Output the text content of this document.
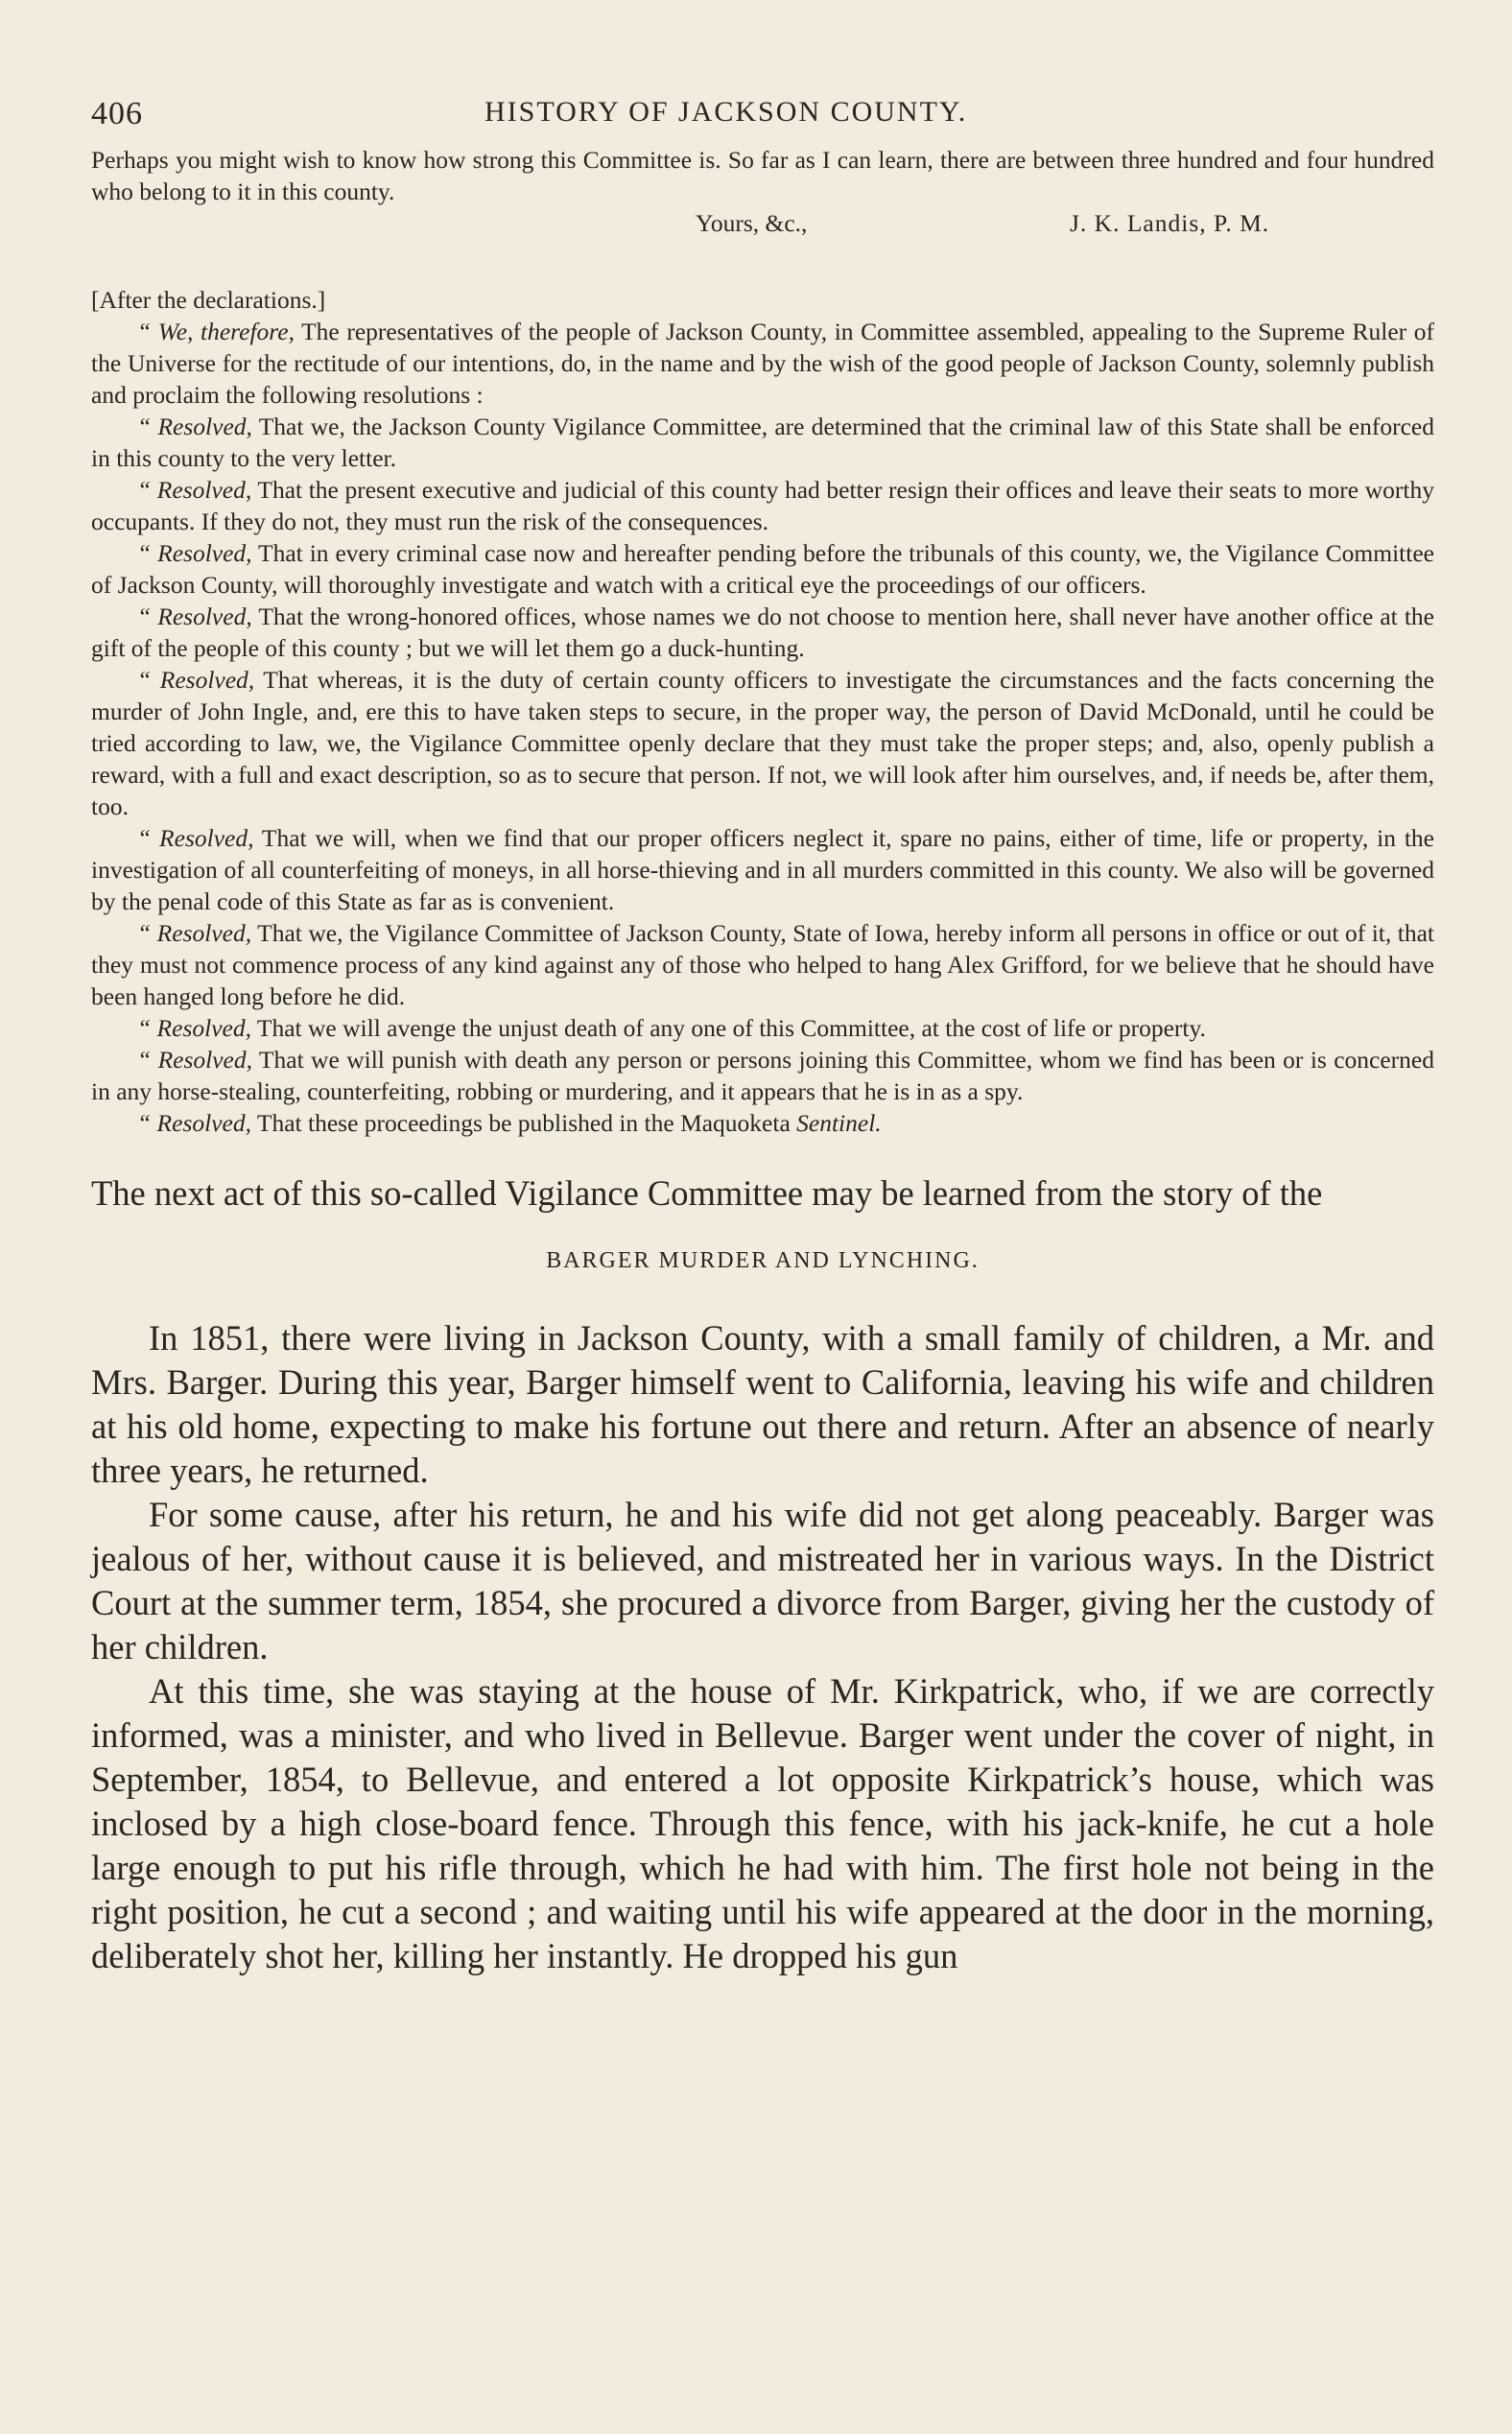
406	HISTORY OF JACKSON COUNTY.

Perhaps you might wish to know how strong this Committee is. So far as I can learn, there are between three hundred and four hundred who belong to it in this county.

Yours, &c.,	J. K. Landis, P. M.

[After the declarations.]

“ We, therefore, The representatives of the people of Jackson County, in Committee assembled, appealing to the Supreme Ruler of the Universe for the rectitude of our intentions, do, in the name and by the wish of the good people of Jackson County, solemnly publish and proclaim the following resolutions :

“ Resolved, That we, the Jackson County Vigilance Committee, are determined that the criminal law of this State shall be enforced in this county to the very letter.

“ Resolved, That the present executive and judicial of this county had better resign their offices and leave their seats to more worthy occupants. If they do not, they must run the risk of the consequences.

“ Resolved, That in every criminal case now and hereafter pending before the tribunals of this county, we, the Vigilance Committee of Jackson County, will thoroughly investigate and watch with a critical eye the proceedings of our officers.

“ Resolved, That the wrong-honored offices, whose names we do not choose to mention here, shall never have another office at the gift of the people of this county ; but we will let them go a duck-hunting.

“ Resolved, That whereas, it is the duty of certain county officers to investigate the circumstances and the facts concerning the murder of John Ingle, and, ere this to have taken steps to secure, in the proper way, the person of David McDonald, until he could be tried according to law, we, the Vigilance Committee openly declare that they must take the proper steps; and, also, openly publish a reward, with a full and exact description, so as to secure that person. If not, we will look after him ourselves, and, if needs be, after them, too.

“ Resolved, That we will, when we find that our proper officers neglect it, spare no pains, either of time, life or property, in the investigation of all counterfeiting of moneys, in all horse-thieving and in all murders committed in this county. We also will be governed by the penal code of this State as far as is convenient.

“ Resolved, That we, the Vigilance Committee of Jackson County, State of Iowa, hereby inform all persons in office or out of it, that they must not commence process of any kind against any of those who helped to hang Alex Grifford, for we believe that he should have been hanged long before he did.

“ Resolved, That we will avenge the unjust death of any one of this Committee, at the cost of life or property.

“ Resolved, That we will punish with death any person or persons joining this Committee, whom we find has been or is concerned in any horse-stealing, counterfeiting, robbing or murdering, and it appears that he is in as a spy.

“ Resolved, That these proceedings be published in the Maquoketa Sentinel.

The next act of this so-called Vigilance Committee may be learned from the story of the

BARGER MURDER AND LYNCHING.

In 1851, there were living in Jackson County, with a small family of children, a Mr. and Mrs. Barger. During this year, Barger himself went to California, leaving his wife and children at his old home, expecting to make his fortune out there and return. After an absence of nearly three years, he returned.

For some cause, after his return, he and his wife did not get along peaceably. Barger was jealous of her, without cause it is believed, and mistreated her in various ways. In the District Court at the summer term, 1854, she procured a divorce from Barger, giving her the custody of her children.

At this time, she was staying at the house of Mr. Kirkpatrick, who, if we are correctly informed, was a minister, and who lived in Bellevue. Barger went under the cover of night, in September, 1854, to Bellevue, and entered a lot opposite Kirkpatrick’s house, which was inclosed by a high close-board fence. Through this fence, with his jack-knife, he cut a hole large enough to put his rifle through, which he had with him. The first hole not being in the right position, he cut a second ; and waiting until his wife appeared at the door in the morning, deliberately shot her, killing her instantly. He dropped his gun
